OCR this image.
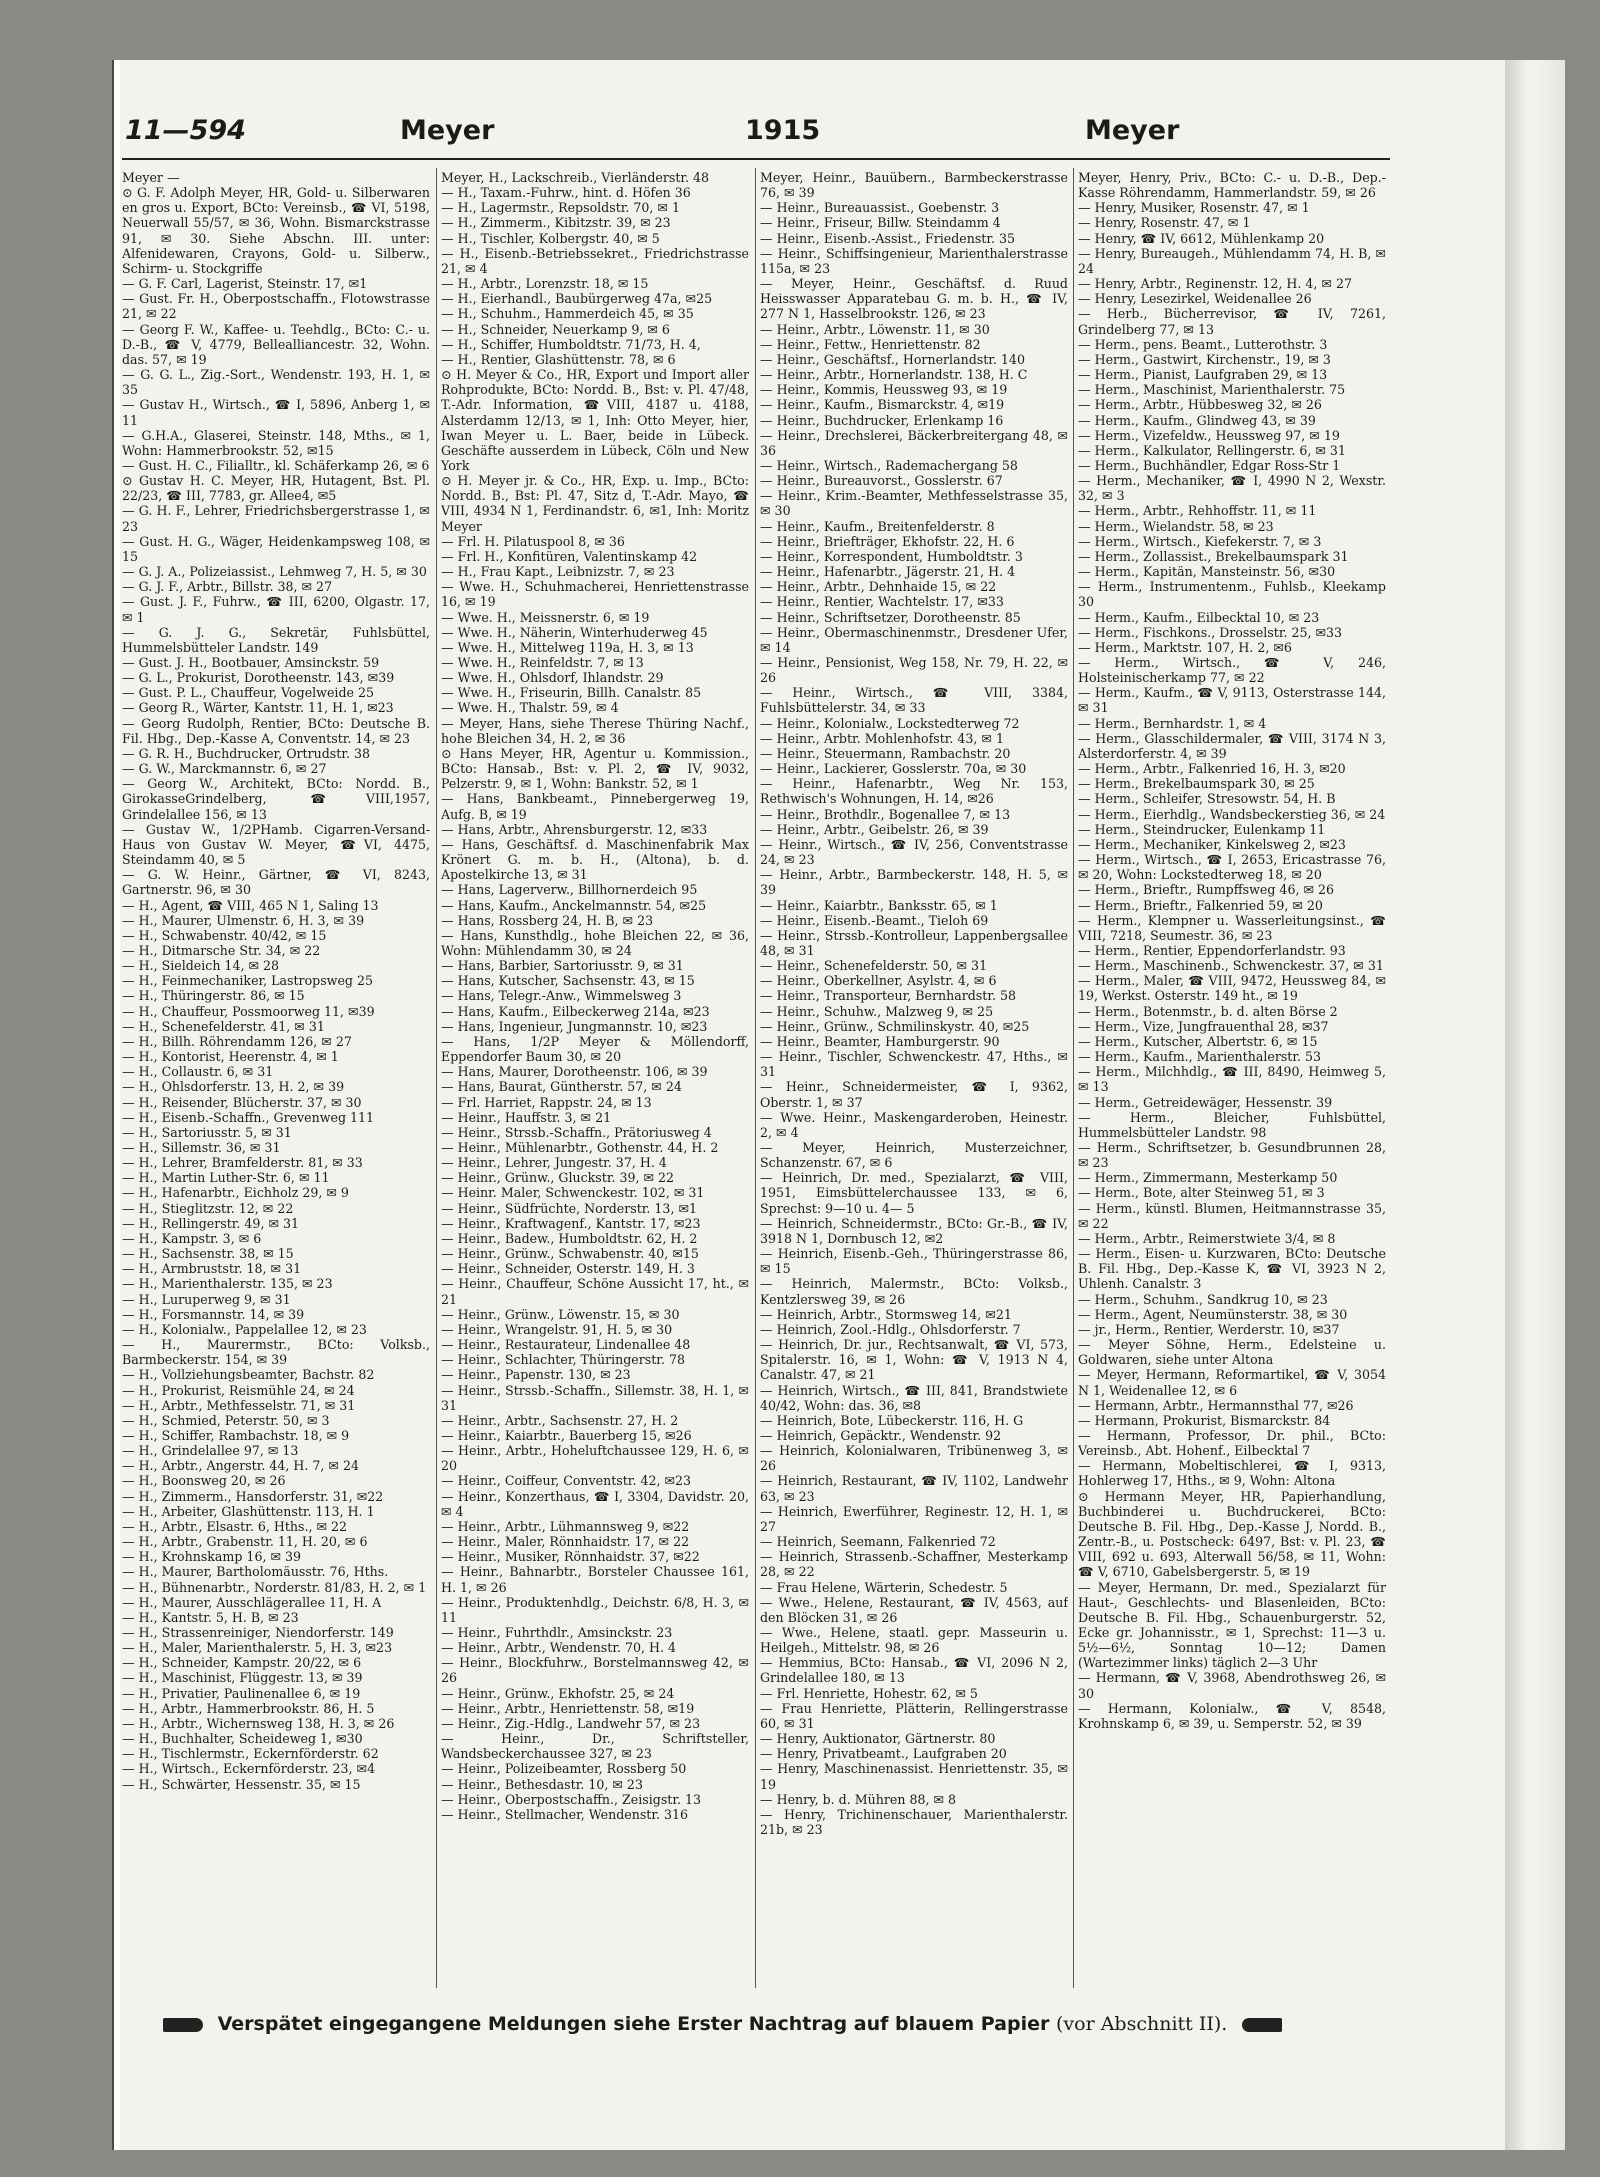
11—594	Meyer	1915	Meyer

Meyer —

⊙ G. F. Adolph Meyer, HR, Gold- u. Silberwaren en gros u. Export, BCto: Vereinsb., ☎ VI, 5198, Neuerwall 55/57, ✉ 36, Wohn. Bismarckstrasse 91, ✉ 30. Siehe Abschn. III. unter: Alfenidewaren, Crayons, Gold- u. Silberw., Schirm- u. Stockgriffe

— G. F. Carl, Lagerist, Steinstr. 17, ✉1

— Gust. Fr. H., Oberpostschaffn., Flotowstrasse 21, ✉ 22

— Georg F. W., Kaffee- u. Teehdlg., BCto: C.- u. D.-B., ☎ V, 4779, Bellealliancestr. 32, Wohn. das. 57, ✉ 19

— G. G. L., Zig.-Sort., Wendenstr. 193, H. 1, ✉ 35

— Gustav H., Wirtsch., ☎ I, 5896, Anberg 1, ✉ 11

— G.H.A., Glaserei, Steinstr. 148, Mths., ✉ 1, Wohn: Hammerbrookstr. 52, ✉15

— Gust. H. C., Filialltr., kl. Schäferkamp 26, ✉ 6

⊙ Gustav H. C. Meyer, HR, Hutagent, Bst. Pl. 22/23, ☎ III, 7783, gr. Allee4, ✉5

— G. H. F., Lehrer, Friedrichsbergerstrasse 1, ✉ 23

— Gust. H. G., Wäger, Heidenkampsweg 108, ✉ 15

— G. J. A., Polizeiassist., Lehmweg 7, H. 5, ✉ 30

— G. J. F., Arbtr., Billstr. 38, ✉ 27

— Gust. J. F., Fuhrw., ☎ III, 6200, Olgastr. 17, ✉ 1

— G. J. G., Sekretär, Fuhlsbüttel, Hummelsbütteler Landstr. 149

— Gust. J. H., Bootbauer, Amsinckstr. 59

— G. L., Prokurist, Dorotheenstr. 143, ✉39

— Gust. P. L., Chauffeur, Vogelweide 25

— Georg R., Wärter, Kantstr. 11, H. 1, ✉23

— Georg Rudolph, Rentier, BCto: Deutsche B. Fil. Hbg., Dep.-Kasse A, Conventstr. 14, ✉ 23

— G. R. H., Buchdrucker, Ortrudstr. 38

— G. W., Marckmannstr. 6, ✉ 27

— Georg W., Architekt, BCto: Nordd. B., GirokasseGrindelberg, ☎VIII,1957, Grindelallee 156, ✉ 13

— Gustav W., 1/2PHamb. Cigarren-Versand-Haus von Gustav W. Meyer, ☎VI, 4475, Steindamm 40, ✉ 5

— G. W. Heinr., Gärtner, ☎ VI, 8243, Gartnerstr. 96, ✉ 30

— H., Agent, ☎ VIII, 465 N 1, Saling 13

— H., Maurer, Ulmenstr. 6, H. 3, ✉ 39

— H., Schwabenstr. 40/42, ✉ 15

— H., Ditmarsche Str. 34, ✉ 22

— H., Sieldeich 14, ✉ 28

— H., Feinmechaniker, Lastropsweg 25

— H., Thüringerstr. 86, ✉ 15

— H., Chauffeur, Possmoorweg 11, ✉39

— H., Schenefelderstr. 41, ✉ 31

— H., Billh. Röhrendamm 126, ✉ 27

— H., Kontorist, Heerenstr. 4, ✉ 1

— H., Collaustr. 6, ✉ 31

— H., Ohlsdorferstr. 13, H. 2, ✉ 39

— H., Reisender, Blücherstr. 37, ✉ 30

— H., Eisenb.-Schaffn., Grevenweg 111

— H., Sartoriusstr. 5, ✉ 31

— H., Sillemstr. 36, ✉ 31

— H., Lehrer, Bramfelderstr. 81, ✉ 33

— H., Martin Luther-Str. 6, ✉ 11

— H., Hafenarbtr., Eichholz 29, ✉ 9

— H., Stieglitzstr. 12, ✉ 22

— H., Rellingerstr. 49, ✉ 31

— H., Kampstr. 3, ✉ 6

— H., Sachsenstr. 38, ✉ 15

— H., Armbruststr. 18, ✉ 31

— H., Marienthalerstr. 135, ✉ 23

— H., Luruperweg 9, ✉ 31

— H., Forsmannstr. 14, ✉ 39

— H., Kolonialw., Pappelallee 12, ✉ 23

— H., Maurermstr., BCto: Volksb., Barmbeckerstr. 154, ✉ 39

— H., Vollziehungsbeamter, Bachstr. 82

— H., Prokurist, Reismühle 24, ✉ 24

— H., Arbtr., Methfesselstr. 71, ✉ 31

— H., Schmied, Peterstr. 50, ✉ 3

— H., Schiffer, Rambachstr. 18, ✉ 9

— H., Grindelallee 97, ✉ 13

— H., Arbtr., Angerstr. 44, H. 7, ✉ 24

— H., Boonsweg 20, ✉ 26

— H., Zimmerm., Hansdorferstr. 31, ✉22

— H., Arbeiter, Glashüttenstr. 113, H. 1

— H., Arbtr., Elsastr. 6, Hths., ✉ 22

— H., Arbtr., Grabenstr. 11, H. 20, ✉ 6

— H., Krohnskamp 16, ✉ 39

— H., Maurer, Bartholomäusstr. 76, Hths.

— H., Bühnenarbtr., Norderstr. 81/83, H. 2, ✉ 1

— H., Maurer, Ausschlägerallee 11, H. A

— H., Kantstr. 5, H. B, ✉ 23

— H., Strassenreiniger, Niendorferstr. 149

— H., Maler, Marienthalerstr. 5, H. 3, ✉23

— H., Schneider, Kampstr. 20/22, ✉ 6

— H., Maschinist, Flüggestr. 13, ✉ 39

— H., Privatier, Paulinenallee 6, ✉ 19

— H., Arbtr., Hammerbrookstr. 86, H. 5

— H., Arbtr., Wichernsweg 138, H. 3, ✉ 26

— H., Buchhalter, Scheideweg 1, ✉30

— H., Tischlermstr., Eckernförderstr. 62

— H., Wirtsch., Eckernförderstr. 23, ✉4

— H., Schwärter, Hessenstr. 35, ✉ 15

Meyer, H., Lackschreib., Vierländerstr. 48

— H., Taxam.-Fuhrw., hint. d. Höfen 36

— H., Lagermstr., Repsoldstr. 70, ✉ 1

— H., Zimmerm., Kibitzstr. 39, ✉ 23

— H., Tischler, Kolbergstr. 40, ✉ 5

— H., Eisenb.-Betriebssekret., Friedrichstrasse 21, ✉ 4

— H., Arbtr., Lorenzstr. 18, ✉ 15

— H., Eierhandl., Baubürgerweg 47a, ✉25

— H., Schuhm., Hammerdeich 45, ✉ 35

— H., Schneider, Neuerkamp 9, ✉ 6

— H., Schiffer, Humboldtstr. 71/73, H. 4,

— H., Rentier, Glashüttenstr. 78, ✉ 6

⊙ H. Meyer & Co., HR, Export und Import aller Rohprodukte, BCto: Nordd. B., Bst: v. Pl. 47/48, T.-Adr. Information, ☎VIII, 4187 u. 4188, Alsterdamm 12/13, ✉ 1, Inh: Otto Meyer, hier, Iwan Meyer u. L. Baer, beide in Lübeck. Geschäfte ausserdem in Lübeck, Cöln und New York

⊙ H. Meyer jr. & Co., HR, Exp. u. Imp., BCto: Nordd. B., Bst: Pl. 47, Sitz d, T.-Adr. Mayo, ☎ VIII, 4934 N 1, Ferdinandstr. 6, ✉1, Inh: Moritz Meyer

— Frl. H. Pilatuspool 8, ✉ 36

— Frl. H., Konfitüren, Valentinskamp 42

— H., Frau Kapt., Leibnizstr. 7, ✉ 23

— Wwe. H., Schuhmacherei, Henriettenstrasse 16, ✉ 19

— Wwe. H., Meissnerstr. 6, ✉ 19

— Wwe. H., Näherin, Winterhuderweg 45

— Wwe. H., Mittelweg 119a, H. 3, ✉ 13

— Wwe. H., Reinfeldstr. 7, ✉ 13

— Wwe. H., Ohlsdorf, Ihlandstr. 29

— Wwe. H., Friseurin, Billh. Canalstr. 85

— Wwe. H., Thalstr. 59, ✉ 4

— Meyer, Hans, siehe Therese Thüring Nachf., hohe Bleichen 34, H. 2, ✉ 36

⊙ Hans Meyer, HR, Agentur u. Kommission., BCto: Hansab., Bst: v. Pl. 2, ☎ IV, 9032, Pelzerstr. 9, ✉ 1, Wohn: Bankstr. 52, ✉ 1

— Hans, Bankbeamt., Pinnebergerweg 19, Aufg. B, ✉ 19

— Hans, Arbtr., Ahrensburgerstr. 12, ✉33

— Hans, Geschäftsf. d. Maschinenfabrik Max Krönert G. m. b. H., (Altona), b. d. Apostelkirche 13, ✉ 31

— Hans, Lagerverw., Billhornerdeich 95

— Hans, Kaufm., Anckelmannstr. 54, ✉25

— Hans, Rossberg 24, H. B, ✉ 23

— Hans, Kunsthdlg., hohe Bleichen 22, ✉ 36, Wohn: Mühlendamm 30, ✉ 24

— Hans, Barbier, Sartoriusstr. 9, ✉ 31

— Hans, Kutscher, Sachsenstr. 43, ✉ 15

— Hans, Telegr.-Anw., Wimmelsweg 3

— Hans, Kaufm., Eilbeckerweg 214a, ✉23

— Hans, Ingenieur, Jungmannstr. 10, ✉23

— Hans, 1/2P Meyer & Möllendorff, Eppendorfer Baum 30, ✉ 20

— Hans, Maurer, Dorotheenstr. 106, ✉ 39

— Hans, Baurat, Güntherstr. 57, ✉ 24

— Frl. Harriet, Rappstr. 24, ✉ 13

— Heinr., Hauffstr. 3, ✉ 21

— Heinr., Strssb.-Schaffn., Prätoriusweg 4

— Heinr., Mühlenarbtr., Gothenstr. 44, H. 2

— Heinr., Lehrer, Jungestr. 37, H. 4

— Heinr., Grünw., Gluckstr. 39, ✉ 22

— Heinr. Maler, Schwenckestr. 102, ✉ 31

— Heinr., Südfrüchte, Norderstr. 13, ✉1

— Heinr., Kraftwagenf., Kantstr. 17, ✉23

— Heinr., Badew., Humboldtstr. 62, H. 2

— Heinr., Grünw., Schwabenstr. 40, ✉15

— Heinr., Schneider, Osterstr. 149, H. 3

— Heinr., Chauffeur, Schöne Aussicht 17, ht., ✉ 21

— Heinr., Grünw., Löwenstr. 15, ✉ 30

— Heinr., Wrangelstr. 91, H. 5, ✉ 30

— Heinr., Restaurateur, Lindenallee 48

— Heinr., Schlachter, Thüringerstr. 78

— Heinr., Papenstr. 130, ✉ 23

— Heinr., Strssb.-Schaffn., Sillemstr. 38, H. 1, ✉ 31

— Heinr., Arbtr., Sachsenstr. 27, H. 2

— Heinr., Kaiarbtr., Bauerberg 15, ✉26

— Heinr., Arbtr., Hoheluftchaussee 129, H. 6, ✉ 20

— Heinr., Coiffeur, Conventstr. 42, ✉23

— Heinr., Konzerthaus, ☎ I, 3304, Davidstr. 20, ✉ 4

— Heinr., Arbtr., Lühmannsweg 9, ✉22

— Heinr., Maler, Rönnhaidstr. 17, ✉ 22

— Heinr., Musiker, Rönnhaidstr. 37, ✉22

— Heinr., Bahnarbtr., Borsteler Chaussee 161, H. 1, ✉ 26

— Heinr., Produktenhdlg., Deichstr. 6/8, H. 3, ✉ 11

— Heinr., Fuhrthdlr., Amsinckstr. 23

— Heinr., Arbtr., Wendenstr. 70, H. 4

— Heinr., Blockfuhrw., Borstelmannsweg 42, ✉ 26

— Heinr., Grünw., Ekhofstr. 25, ✉ 24

— Heinr., Arbtr., Henriettenstr. 58, ✉19

— Heinr., Zig.-Hdlg., Landwehr 57, ✉ 23

— Heinr., Dr., Schriftsteller, Wandsbeckerchaussee 327, ✉ 23

— Heinr., Polizeibeamter, Rossberg 50

— Heinr., Bethesdastr. 10, ✉ 23

— Heinr., Oberpostschaffn., Zeisigstr. 13

— Heinr., Stellmacher, Wendenstr. 316

Meyer, Heinr., Bauübern., Barmbeckerstrasse 76, ✉ 39

— Heinr., Bureauassist., Goebenstr. 3

— Heinr., Friseur, Billw. Steindamm 4

— Heinr., Eisenb.-Assist., Friedenstr. 35

— Heinr., Schiffsingenieur, Marienthalerstrasse 115a, ✉ 23

— Meyer, Heinr., Geschäftsf. d. Ruud Heisswasser Apparatebau G. m. b. H., ☎ IV, 277 N 1, Hasselbrookstr. 126, ✉ 23

— Heinr., Arbtr., Löwenstr. 11, ✉ 30

— Heinr., Fettw., Henriettenstr. 82

— Heinr., Geschäftsf., Hornerlandstr. 140

— Heinr., Arbtr., Hornerlandstr. 138, H. C

— Heinr., Kommis, Heussweg 93, ✉ 19

— Heinr., Kaufm., Bismarckstr. 4, ✉19

— Heinr., Buchdrucker, Erlenkamp 16

— Heinr., Drechslerei, Bäckerbreitergang 48, ✉ 36

— Heinr., Wirtsch., Rademachergang 58

— Heinr., Bureauvorst., Gosslerstr. 67

— Heinr., Krim.-Beamter, Methfesselstrasse 35, ✉ 30

— Heinr., Kaufm., Breitenfelderstr. 8

— Heinr., Briefträger, Ekhofstr. 22, H. 6

— Heinr., Korrespondent, Humboldtstr. 3

— Heinr., Hafenarbtr., Jägerstr. 21, H. 4

— Heinr., Arbtr., Dehnhaide 15, ✉ 22

— Heinr., Rentier, Wachtelstr. 17, ✉33

— Heinr., Schriftsetzer, Dorotheenstr. 85

— Heinr., Obermaschinenmstr., Dresdener Ufer, ✉ 14

— Heinr., Pensionist, Weg 158, Nr. 79, H. 22, ✉ 26

— Heinr., Wirtsch., ☎ VIII, 3384, Fuhlsbüttelerstr. 34, ✉ 33

— Heinr., Kolonialw., Lockstedterweg 72

— Heinr., Arbtr. Mohlenhofstr. 43, ✉ 1

— Heinr., Steuermann, Rambachstr. 20

— Heinr., Lackierer, Gosslerstr. 70a, ✉ 30

— Heinr., Hafenarbtr., Weg Nr. 153, Rethwisch's Wohnungen, H. 14, ✉26

— Heinr., Brothdlr., Bogenallee 7, ✉ 13

— Heinr., Arbtr., Geibelstr. 26, ✉ 39

— Heinr., Wirtsch., ☎ IV, 256, Conventstrasse 24, ✉ 23

— Heinr., Arbtr., Barmbeckerstr. 148, H. 5, ✉ 39

— Heinr., Kaiarbtr., Banksstr. 65, ✉ 1

— Heinr., Eisenb.-Beamt., Tieloh 69

— Heinr., Strssb.-Kontrolleur, Lappenbergsallee 48, ✉ 31

— Heinr., Schenefelderstr. 50, ✉ 31

— Heinr., Oberkellner, Asylstr. 4, ✉ 6

— Heinr., Transporteur, Bernhardstr. 58

— Heinr., Schuhw., Malzweg 9, ✉ 25

— Heinr., Grünw., Schmilinskystr. 40, ✉25

— Heinr., Beamter, Hamburgerstr. 90

— Heinr., Tischler, Schwenckestr. 47, Hths., ✉ 31

— Heinr., Schneidermeister, ☎ I, 9362, Oberstr. 1, ✉ 37

— Wwe. Heinr., Maskengarderoben, Heinestr. 2, ✉ 4

— Meyer, Heinrich, Musterzeichner, Schanzenstr. 67, ✉ 6

— Heinrich, Dr. med., Spezialarzt, ☎ VIII, 1951, Eimsbüttelerchaussee 133, ✉ 6, Sprechst: 9—10 u. 4— 5

— Heinrich, Schneidermstr., BCto: Gr.-B., ☎ IV, 3918 N 1, Dornbusch 12, ✉2

— Heinrich, Eisenb.-Geh., Thüringerstrasse 86, ✉ 15

— Heinrich, Malermstr., BCto: Volksb., Kentzlersweg 39, ✉ 26

— Heinrich, Arbtr., Stormsweg 14, ✉21

— Heinrich, Zool.-Hdlg., Ohlsdorferstr. 7

— Heinrich, Dr. jur., Rechtsanwalt, ☎ VI, 573, Spitalerstr. 16, ✉ 1, Wohn: ☎ V, 1913 N 4, Canalstr. 47, ✉ 21

— Heinrich, Wirtsch., ☎ III, 841, Brandstwiete 40/42, Wohn: das. 36, ✉8

— Heinrich, Bote, Lübeckerstr. 116, H. G

— Heinrich, Gepäcktr., Wendenstr. 92

— Heinrich, Kolonialwaren, Tribünenweg 3, ✉ 26

— Heinrich, Restaurant, ☎ IV, 1102, Landwehr 63, ✉ 23

— Heinrich, Ewerführer, Reginestr. 12, H. 1, ✉ 27

— Heinrich, Seemann, Falkenried 72

— Heinrich, Strassenb.-Schaffner, Mesterkamp 28, ✉ 22

— Frau Helene, Wärterin, Schedestr. 5

— Wwe., Helene, Restaurant, ☎ IV, 4563, auf den Blöcken 31, ✉ 26

— Wwe., Helene, staatl. gepr. Masseurin u. Heilgeh., Mittelstr. 98, ✉ 26

— Hemmius, BCto: Hansab., ☎ VI, 2096 N 2, Grindelallee 180, ✉ 13

— Frl. Henriette, Hohestr. 62, ✉ 5

— Frau Henriette, Plätterin, Rellingerstrasse 60, ✉ 31

— Henry, Auktionator, Gärtnerstr. 80

— Henry, Privatbeamt., Laufgraben 20

— Henry, Maschinenassist. Henriettenstr. 35, ✉ 19

— Henry, b. d. Mühren 88, ✉ 8

— Henry, Trichinenschauer, Marienthalerstr. 21b, ✉ 23

Meyer, Henry, Priv., BCto: C.- u. D.-B., Dep.-Kasse Röhrendamm, Hammerlandstr. 59, ✉ 26

— Henry, Musiker, Rosenstr. 47, ✉ 1

— Henry, Rosenstr. 47, ✉ 1

— Henry, ☎ IV, 6612, Mühlenkamp 20

— Henry, Bureaugeh., Mühlendamm 74, H. B, ✉ 24

— Henry, Arbtr., Reginenstr. 12, H. 4, ✉ 27

— Henry, Lesezirkel, Weidenallee 26

— Herb., Bücherrevisor, ☎ IV, 7261, Grindelberg 77, ✉ 13

— Herm., pens. Beamt., Lutterothstr. 3

— Herm., Gastwirt, Kirchenstr., 19, ✉ 3

— Herm., Pianist, Laufgraben 29, ✉ 13

— Herm., Maschinist, Marienthalerstr. 75

— Herm., Arbtr., Hübbesweg 32, ✉ 26

— Herm., Kaufm., Glindweg 43, ✉ 39

— Herm., Vizefeldw., Heussweg 97, ✉ 19

— Herm., Kalkulator, Rellingerstr. 6, ✉ 31

— Herm., Buchhändler, Edgar Ross-Str 1

— Herm., Mechaniker, ☎ I, 4990 N 2, Wexstr. 32, ✉ 3

— Herm., Arbtr., Rehhoffstr. 11, ✉ 11

— Herm., Wielandstr. 58, ✉ 23

— Herm., Wirtsch., Kiefekerstr. 7, ✉ 3

— Herm., Zollassist., Brekelbaumspark 31

— Herm., Kapitän, Mansteinstr. 56, ✉30

— Herm., Instrumentenm., Fuhlsb., Kleekamp 30

— Herm., Kaufm., Eilbecktal 10, ✉ 23

— Herm., Fischkons., Drosselstr. 25, ✉33

— Herm., Marktstr. 107, H. 2, ✉6

— Herm., Wirtsch., ☎ V, 246, Holsteinischerkamp 77, ✉ 22

— Herm., Kaufm., ☎ V, 9113, Osterstrasse 144, ✉ 31

— Herm., Bernhardstr. 1, ✉ 4

— Herm., Glasschildermaler, ☎ VIII, 3174 N 3, Alsterdorferstr. 4, ✉ 39

— Herm., Arbtr., Falkenried 16, H. 3, ✉20

— Herm., Brekelbaumspark 30, ✉ 25

— Herm., Schleifer, Stresowstr. 54, H. B

— Herm., Eierhdlg., Wandsbeckerstieg 36, ✉ 24

— Herm., Steindrucker, Eulenkamp 11

— Herm., Mechaniker, Kinkelsweg 2, ✉23

— Herm., Wirtsch., ☎ I, 2653, Ericastrasse 76, ✉ 20, Wohn: Lockstedterweg 18, ✉ 20

— Herm., Brieftr., Rumpffsweg 46, ✉ 26

— Herm., Brieftr., Falkenried 59, ✉ 20

— Herm., Klempner u. Wasserleitungsinst., ☎ VIII, 7218, Seumestr. 36, ✉ 23

— Herm., Rentier, Eppendorferlandstr. 93

— Herm., Maschinenb., Schwenckestr. 37, ✉ 31

— Herm., Maler, ☎ VIII, 9472, Heussweg 84, ✉ 19, Werkst. Osterstr. 149 ht., ✉ 19

— Herm., Botenmstr., b. d. alten Börse 2

— Herm., Vize, Jungfrauenthal 28, ✉37

— Herm., Kutscher, Albertstr. 6, ✉ 15

— Herm., Kaufm., Marienthalerstr. 53

— Herm., Milchhdlg., ☎ III, 8490, Heimweg 5, ✉ 13

— Herm., Getreidewäger, Hessenstr. 39

— Herm., Bleicher, Fuhlsbüttel, Hummelsbütteler Landstr. 98

— Herm., Schriftsetzer, b. Gesundbrunnen 28, ✉ 23

— Herm., Zimmermann, Mesterkamp 50

— Herm., Bote, alter Steinweg 51, ✉ 3

— Herm., künstl. Blumen, Heitmannstrasse 35, ✉ 22

— Herm., Arbtr., Reimerstwiete 3/4, ✉ 8

— Herm., Eisen- u. Kurzwaren, BCto: Deutsche B. Fil. Hbg., Dep.-Kasse K, ☎ VI, 3923 N 2, Uhlenh. Canalstr. 3

— Herm., Schuhm., Sandkrug 10, ✉ 23

— Herm., Agent, Neumünsterstr. 38, ✉ 30

— jr., Herm., Rentier, Werderstr. 10, ✉37

— Meyer Söhne, Herm., Edelsteine u. Goldwaren, siehe unter Altona

— Meyer, Hermann, Reformartikel, ☎ V, 3054 N 1, Weidenallee 12, ✉ 6

— Hermann, Arbtr., Hermannsthal 77, ✉26

— Hermann, Prokurist, Bismarckstr. 84

— Hermann, Professor, Dr. phil., BCto: Vereinsb., Abt. Hohenf., Eilbecktal 7

— Hermann, Mobeltischlerei, ☎ I, 9313, Hohlerweg 17, Hths., ✉ 9, Wohn: Altona

⊙ Hermann Meyer, HR, Papierhandlung, Buchbinderei u. Buchdruckerei, BCto: Deutsche B. Fil. Hbg., Dep.-Kasse J, Nordd. B., Zentr.-B., u. Postscheck: 6497, Bst: v. Pl. 23, ☎ VIII, 692 u. 693, Alterwall 56/58, ✉ 11, Wohn: ☎ V, 6710, Gabelsbergerstr. 5, ✉ 19

— Meyer, Hermann, Dr. med., Spezialarzt für Haut-, Geschlechts- und Blasenleiden, BCto: Deutsche B. Fil. Hbg., Schauenburgerstr. 52, Ecke gr. Johannisstr., ✉ 1, Sprechst: 11—3 u. 5½—6½, Sonntag 10—12; Damen (Wartezimmer links) täglich 2—3 Uhr

— Hermann, ☎ V, 3968, Abendrothsweg 26, ✉ 30

— Hermann, Kolonialw., ☎ V, 8548, Krohnskamp 6, ✉ 39, u. Semperstr. 52, ✉ 39

Verspätet eingegangene Meldungen siehe Erster Nachtrag auf blauem Papier (vor Abschnitt II).
